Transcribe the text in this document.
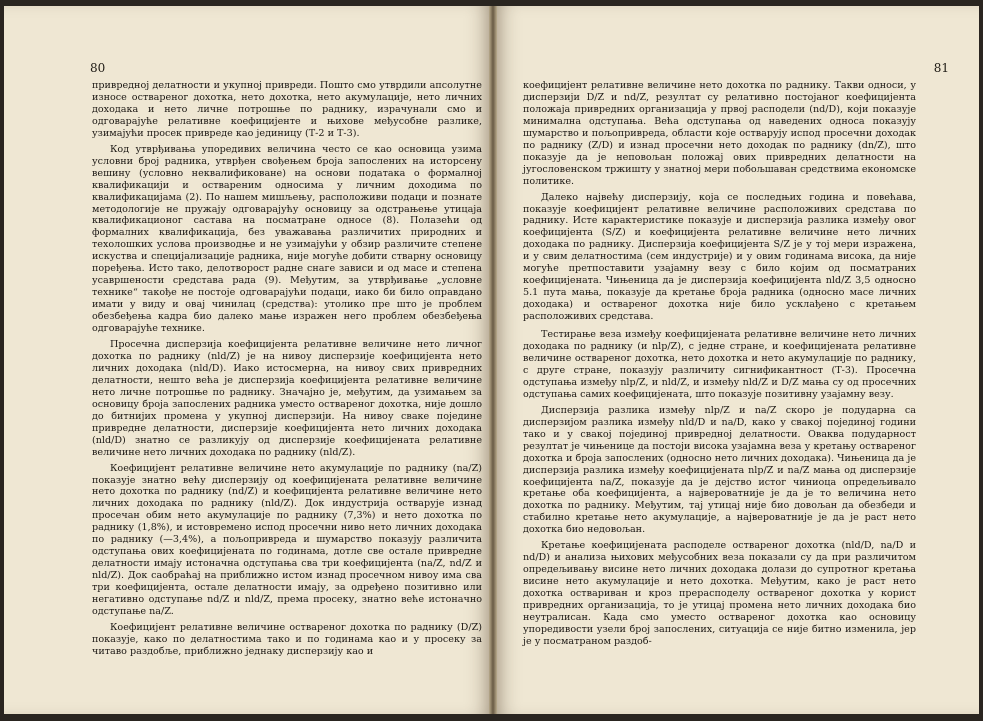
80

привредној делатности и укупној привреди. Пошто смо утврдили апсолутне износе оствареног дохотка, нето дохотка, нето акумулације, нето личних доходака и нето личне потрошње по раднику, израчунали смо и одговарајуће релативне коефицијенте и њихове међусобне разлике, узимајући просек привреде као јединицу (Т-2 и Т-3).

Код утврђивања упоредивих величина често се као основица узима условни број радника, утврђен свођењем броја запослених на исторсену вешину (условно неквалификоване) на основи података о формалној квалификацији и оствареним односима у личним доходима по квалификацијама (2). По нашем мишљењу, расположиви подаци и познате методологије не пружају одговарајућу основицу за одстрањење утицаја квалификационог састава на посматране односе (8). Полазећи од формалних квалификација, без уважавања различитих природних и техолошких услова производње и не узимајући у обзир различите степене искуства и специјализације радника, није могуће добити стварну основицу поређења. Исто тако, делотворост радне снаге зависи и од масе и степена усавршености средстава рада (9). Међутим, за утврђивање „условне технике“ такође не постоје одговарајући подаци, иако би било оправдано имати у виду и овај чинилац (средства): утолико пре што је проблем обезбеђења кадра био далеко мање изражен него проблем обезбеђења одговарајуће технике.

Просечна дисперзија коефицијента релативне величине нето личног дохотка по раднику (nld/Z) је на нивоу дисперзије коефицијента нето личних доходака (nld/D). Иако истосмерна, на нивоу свих привредних делатности, нешто већа је дисперзија коефицијента релативне величине нето личне потрошње по раднику. Значајно је, међутим, да узимањем за основицу броја запослених радника уместо оствареног дохотка, није дошло до битнијих промена у укупној дисперзији. На нивоу сваке појединe привредне делатности, дисперзије коефицијента нето личних доходака (nld/D) знатно се разликују од дисперзије коефицијената релативне величине нето личних доходака по раднику (nld/Z).

Коефицијент релативне величине нето акумулације по раднику (na/Z) показује знатно већу дисперзију од коефицијената релативне величине нето дохотка по раднику (nd/Z) и коефицијента релативне величине нето личних доходака по раднику (nld/Z). Док индустрија остварује изнад просечан обим нето акумулације по раднику (7,3%) и нето дохотка по раднику (1,8%), и истовремено испод просечни ниво нето личних доходака по раднику (—3,4%), а пољопривреда и шумарство показују различита одступања ових коефицијената по годинама, дотле све остале привредне делатности имају истоначна одступања сва три коефицијента (na/Z, nd/Z и nld/Z). Док саобраћај на приближно истом изнад просечном нивоу има сва три коефицијента, остале делатности имају, за одређено позитивно или негативно одступање nd/Z и nld/Z, према просеку, знатно веће истоначно одступање na/Z.

Коефицијент релативне величине оствареног дохотка по раднику (D/Z) показује, како по делатностима тако и по годинама као и у просеку за читаво раздобље, приближно једнаку дисперзију као и

81

коефицијент релативне величине нето дохотка по раднику. Такви односи, у дисперзији D/Z и nd/Z, резултат су релативно постојаног коефицијента положаја привредних организација у првој расподели (nd/D), који показује минимална одступања. Већа одступања од наведених односа показују шумарство и пољопривреда, области које остварују испод просечни доходак по раднику (Z/D) и изнад просечни нето доходак по раднику (dn/Z), што показује да је неповољан положај ових привредних делатности на југословенском тржишту у знатној мери побољшаван средствима економске политике.

Далеко највећу дисперзију, која се последњих година и повећава, показује коефицијент релативне величине расположивих средстава по раднику. Исте карактеристике показује и дисперзија разлика између овог коефицијента (S/Z) и коефицијента релативне величине нето личних доходака по раднику. Дисперзија коефицијента S/Z је у тој мери изражена, и у свим делатностима (сем индустрије) и у овим годинама висока, да није могуће претпоставити узајамну везу с било којим од посматраних коефицијената. Чињеница да је дисперзија коефицијента nld/Z 3,5 односно 5.1 пута мања, показује да кретање броја радника (односно масе личних доходака) и оствареног дохотка није било усклађено с кретањем расположивих средстава.

Тестирање веза између коефицијената релативне величине нето личних доходака по раднику (и nlp/Z), с једне стране, и коефицијената релативне величине оствареног дохотка, нето дохотка и нето акумулације по раднику, с друге стране, показују различиту сигнификантност (Т-3). Просечна одступања између nlp/Z, и nld/Z, и између nld/Z и D/Z мања су од просечних одступања самих коефицијената, што показује позитивну узајамну везу.

Дисперзија разлика између nlp/Z и na/Z скоро је подударна са дисперзијом разлика између nld/D и na/D, како у свакој појединој години тако и у свакој појединој привредној делатности. Оваква подударност резултат је чињенице да постоји висока узајамна веза у кретању оствареног дохотка и броја запослених (односно нето личних доходака). Чињеница да је дисперзија разлика између коефицијената nlp/Z и na/Z мања од дисперзије коефицијента na/Z, показује да је дејство истог чиниоца опредељивало кретање оба коефицијента, а највероватније је да је то величина нето дохотка по раднику. Међутим, тај утицај није био довољан да обезбеди и стабилно кретање нето акумулације, а највероватније је да је раст нето дохотка био недовољан.

Кретање коефицијената расподеле оствареног дохотка (nld/D, na/D и nd/D) и анализа њихових међусобних веза показали су да при различитом опредељивању висине нето личних доходака долази до супротног кретања висине нето акумулације и нето дохотка. Међутим, како је раст нето дохотка остваривaн и кроз прерасподелу оствареног дохотка у корист привредних организација, то је утицај промена нето личних доходака био неутралисан. Када смо уместо оствареног дохотка као основицу упоредивости узели број запослених, ситуација се није битно изменила, јер је у посматраном раздоб-
